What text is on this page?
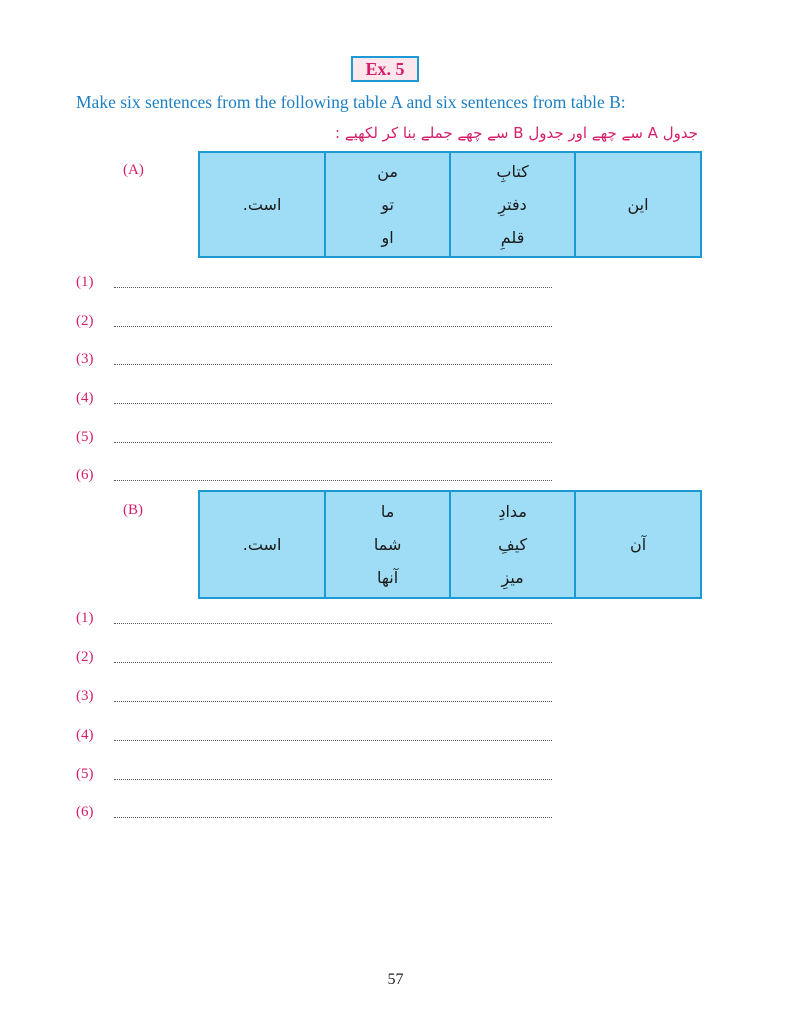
Ex. 5
Make six sentences from the following table A and six sentences from table B:
جدول A سے چھے اور جدول B سے چھے جملے بنا کر لکھیے :
(A)
این

کتابِ
دفترِ
قلمِ

من
تو
او

است.
(1)
(2)
(3)
(4)
(5)
(6)
(B)
آن

مدادِ
کیفِ
میزِ

ما
شما
آنها

است.
(1)
(2)
(3)
(4)
(5)
(6)
57
